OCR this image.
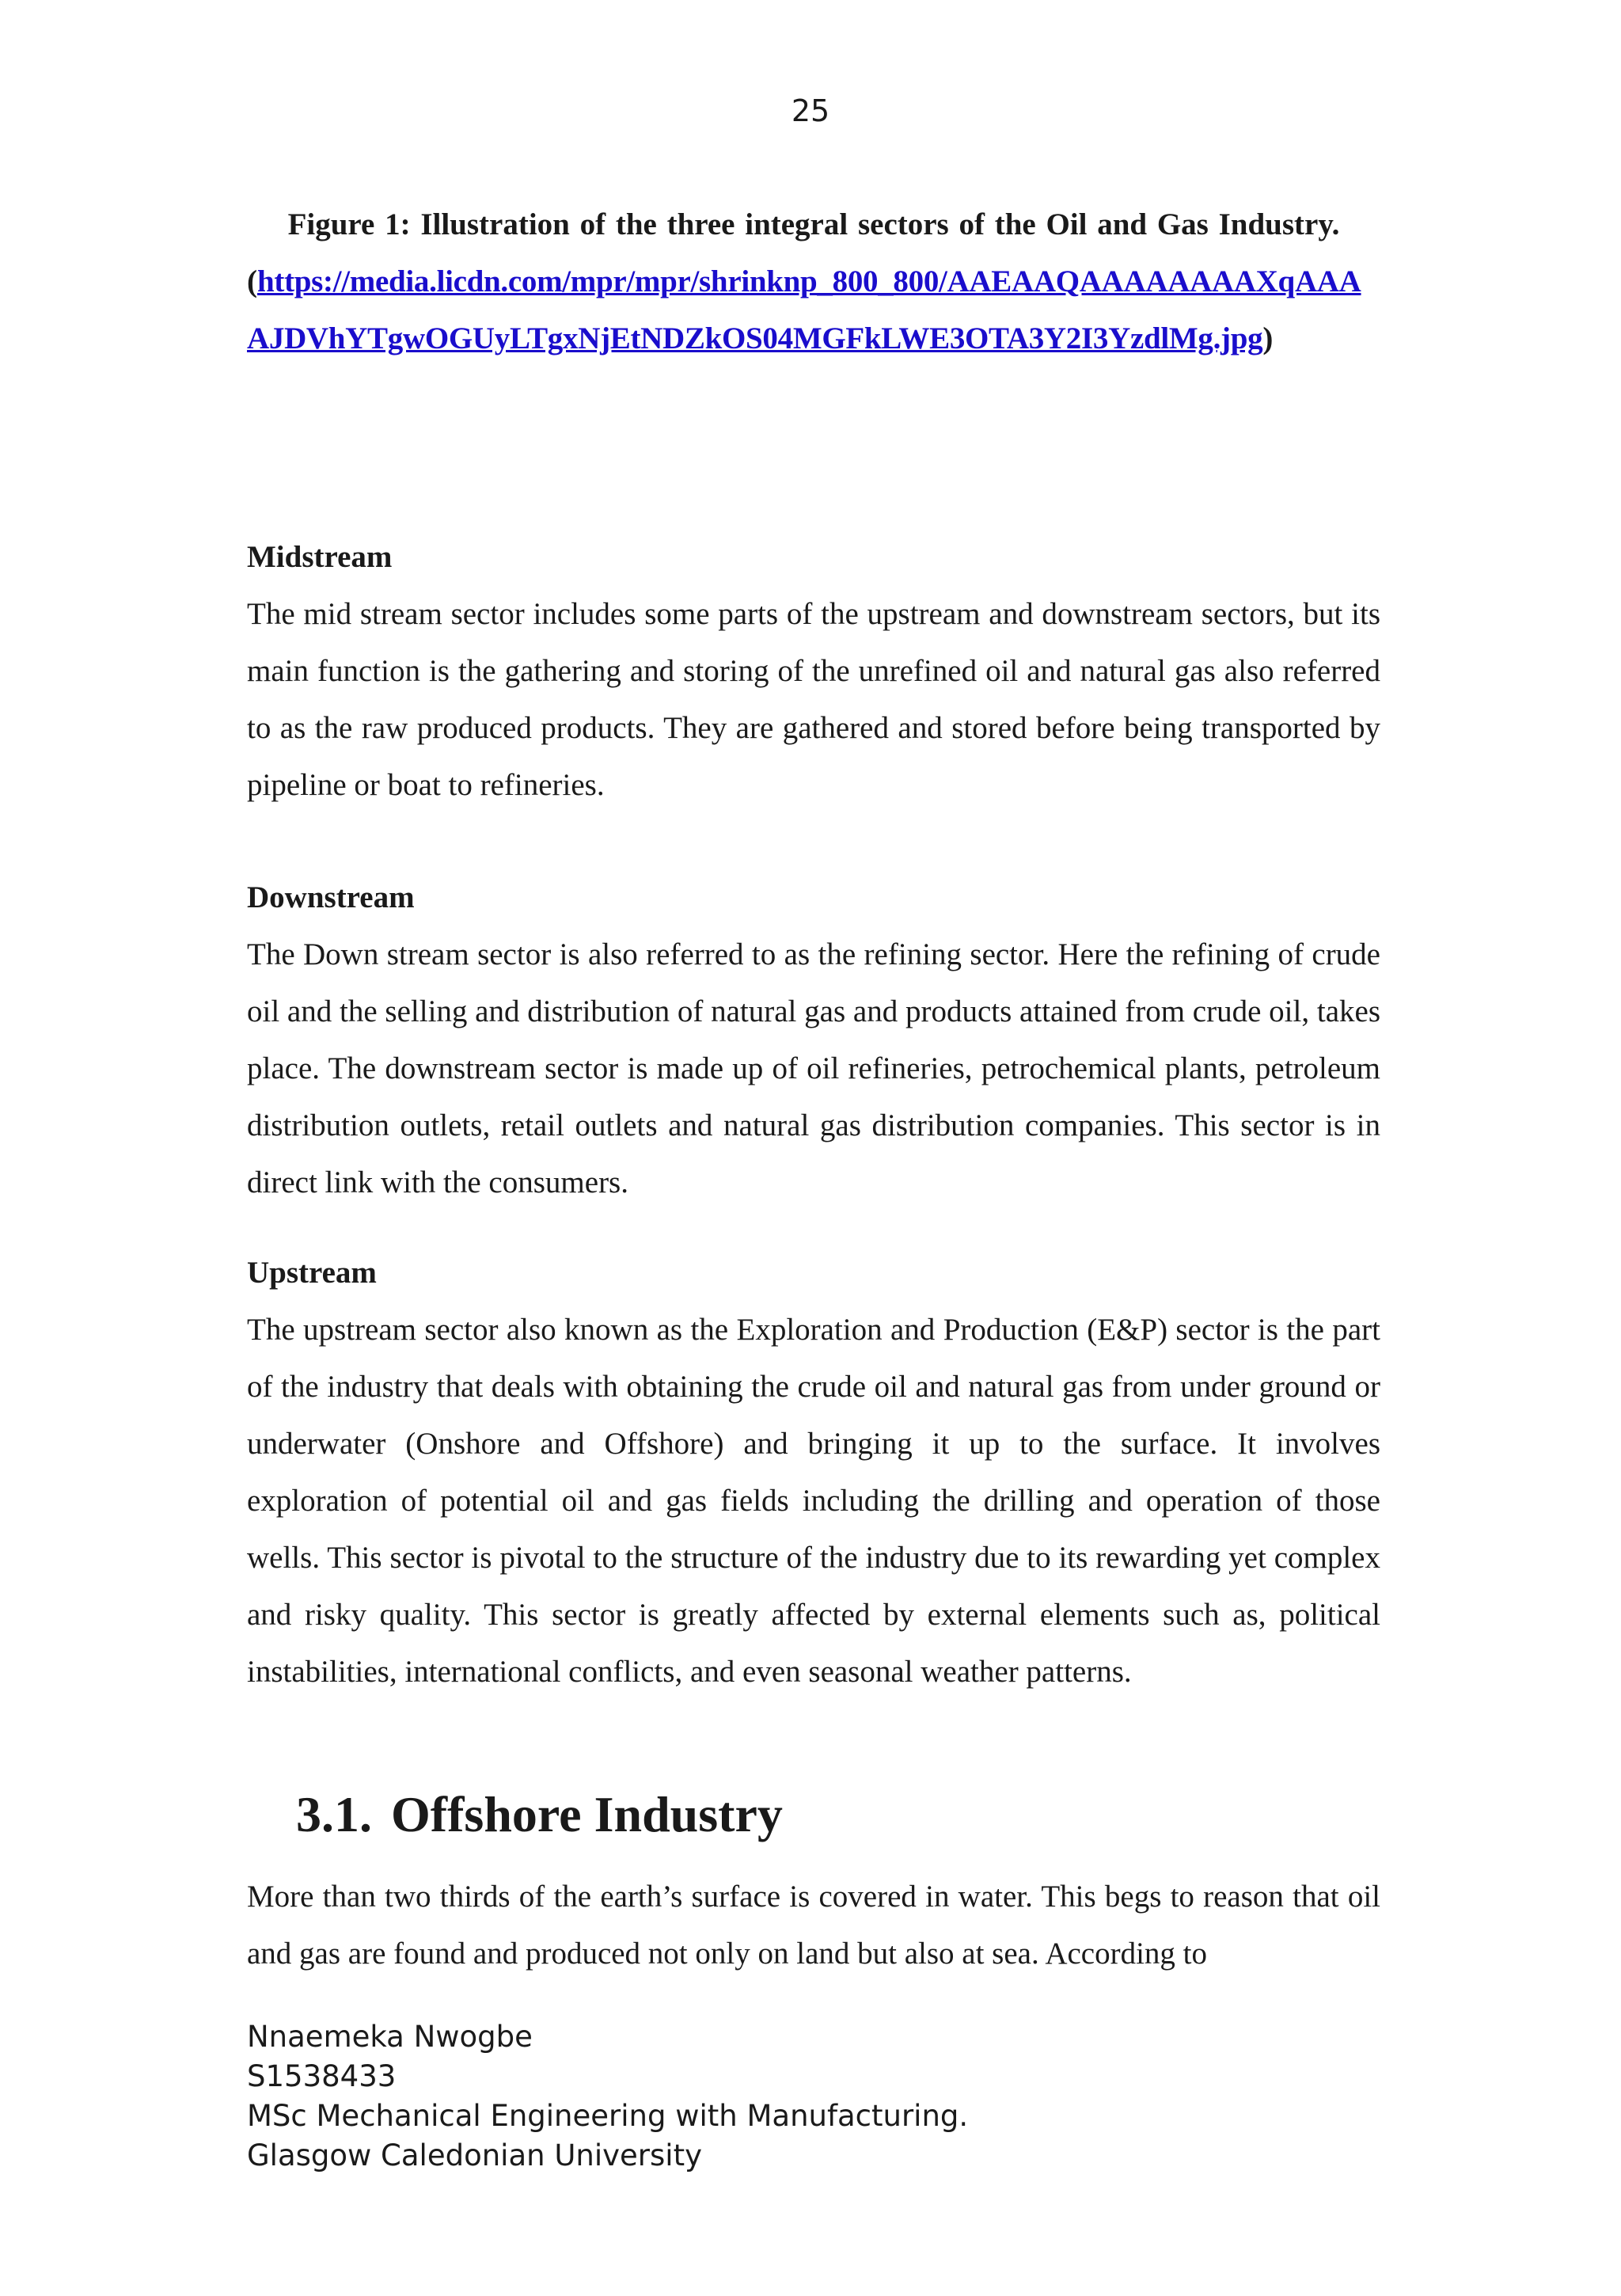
25
Figure 1: Illustration of the three integral sectors of the Oil and Gas Industry.
(https://media.licdn.com/mpr/mpr/shrinknp_800_800/AAEAAQAAAAAAAAXqAAAAJDVhYTgwOGUyLTgxNjEtNDZkOS04MGFkLWE3OTA3Y2I3YzdlMg.jpg)

Midstream

The mid stream sector includes some parts of the upstream and downstream sectors, but its main function is the gathering and storing of the unrefined oil and natural gas also referred to as the raw produced products. They are gathered and stored before being transported by pipeline or boat to refineries.

Downstream

The Down stream sector is also referred to as the refining sector. Here the refining of crude oil and the selling and distribution of natural gas and products attained from crude oil, takes place. The downstream sector is made up of oil refineries, petrochemical plants, petroleum distribution outlets, retail outlets and natural gas distribution companies. This sector is in direct link with the consumers.

Upstream

The upstream sector also known as the Exploration and Production (E&P) sector is the part of the industry that deals with obtaining the crude oil and natural gas from under ground or underwater (Onshore and Offshore) and bringing it up to the surface. It involves exploration of potential oil and gas fields including the drilling and operation of those wells. This sector is pivotal to the structure of the industry due to its rewarding yet complex and risky quality. This sector is greatly affected by external elements such as, political instabilities, international conflicts, and even seasonal weather patterns.

3.1. Offshore Industry

More than two thirds of the earth’s surface is covered in water. This begs to reason that oil and gas are found and produced not only on land but also at sea. According to

Nnaemeka Nwogbe
S1538433
MSc Mechanical Engineering with Manufacturing.
Glasgow Caledonian University
